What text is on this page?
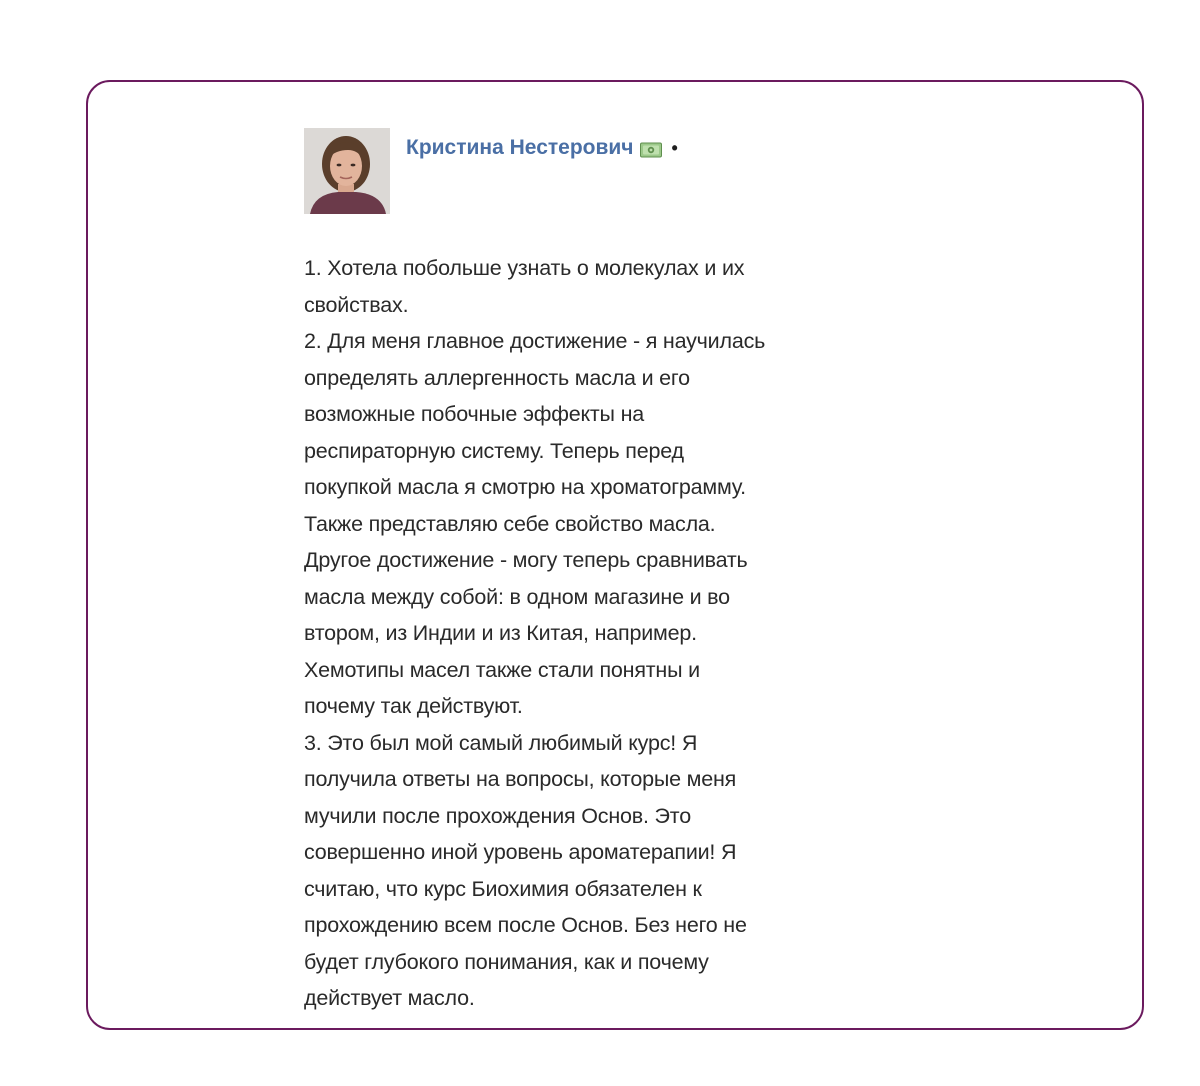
Кристина Нестерович •
1. Хотела побольше узнать о молекулах и их
свойствах.
2. Для меня главное достижение - я научилась
определять аллергенность масла и его
возможные побочные эффекты на
респираторную систему. Теперь перед
покупкой масла я смотрю на хроматограмму.
Также представляю себе свойство масла.
Другое достижение - могу теперь сравнивать
масла между собой: в одном магазине и во
втором, из Индии и из Китая, например.
Хемотипы масел также стали понятны и
почему так действуют.
3. Это был мой самый любимый курс! Я
получила ответы на вопросы, которые меня
мучили после прохождения Основ. Это
совершенно иной уровень ароматерапии! Я
считаю, что курс Биохимия обязателен к
прохождению всем после Основ. Без него не
будет глубокого понимания, как и почему
действует масло.
